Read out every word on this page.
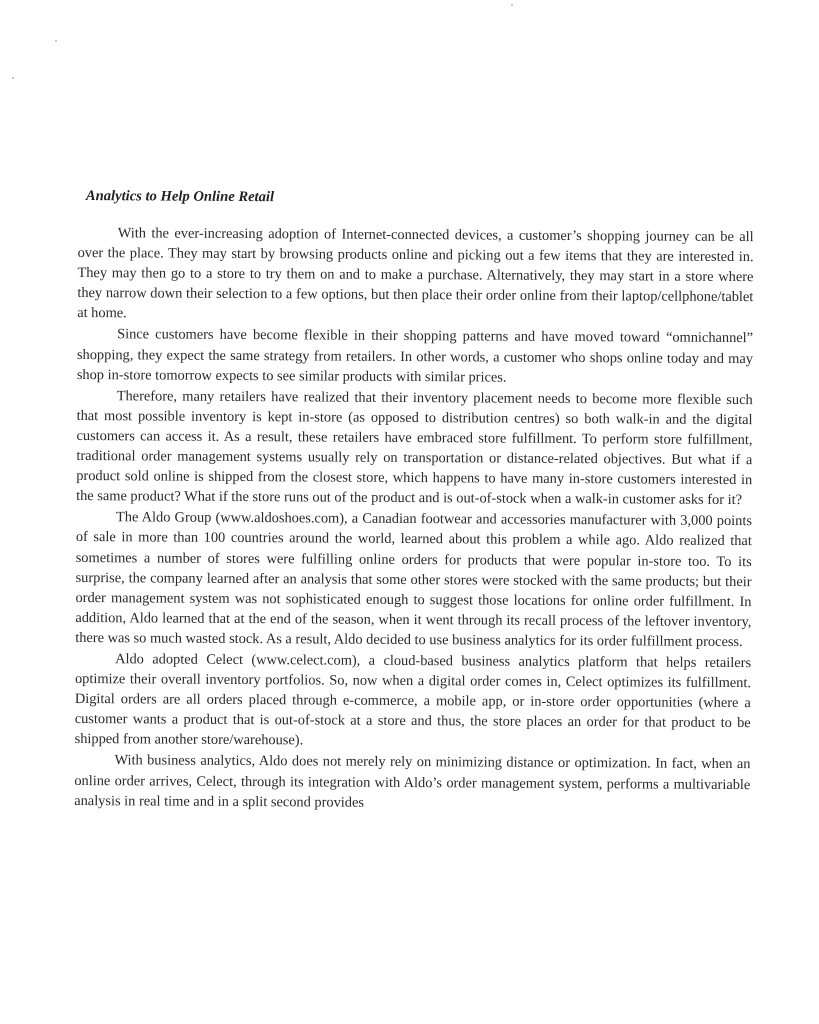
Analytics to Help Online Retail

With the ever-increasing adoption of Internet-connected devices, a customer’s shopping journey can be all over the place. They may start by browsing products online and picking out a few items that they are interested in. They may then go to a store to try them on and to make a purchase. Alternatively, they may start in a store where they narrow down their selection to a few options, but then place their order online from their laptop/cellphone/tablet at home.

Since customers have become flexible in their shopping patterns and have moved toward “omnichannel” shopping, they expect the same strategy from retailers. In other words, a customer who shops online today and may shop in-store tomorrow expects to see similar products with similar prices.

Therefore, many retailers have realized that their inventory placement needs to become more flexible such that most possible inventory is kept in-store (as opposed to distribution centres) so both walk-in and the digital customers can access it. As a result, these retailers have embraced store fulfillment. To perform store fulfillment, traditional order management systems usually rely on transportation or distance-related objectives. But what if a product sold online is shipped from the closest store, which happens to have many in-store customers interested in the same product? What if the store runs out of the product and is out-of-stock when a walk-in customer asks for it?

The Aldo Group (www.aldoshoes.com), a Canadian footwear and accessories manufacturer with 3,000 points of sale in more than 100 countries around the world, learned about this problem a while ago. Aldo realized that sometimes a number of stores were fulfilling online orders for products that were popular in-store too. To its surprise, the company learned after an analysis that some other stores were stocked with the same products; but their order management system was not sophisticated enough to suggest those locations for online order fulfillment. In addition, Aldo learned that at the end of the season, when it went through its recall process of the leftover inventory, there was so much wasted stock. As a result, Aldo decided to use business analytics for its order fulfillment process.

Aldo adopted Celect (www.celect.com), a cloud-based business analytics platform that helps retailers optimize their overall inventory portfolios. So, now when a digital order comes in, Celect optimizes its fulfillment. Digital orders are all orders placed through e-commerce, a mobile app, or in-store order opportunities (where a customer wants a product that is out-of-stock at a store and thus, the store places an order for that product to be shipped from another store/warehouse).

With business analytics, Aldo does not merely rely on minimizing distance or optimization. In fact, when an online order arrives, Celect, through its integration with Aldo’s order management system, performs a multivariable analysis in real time and in a split second provides
